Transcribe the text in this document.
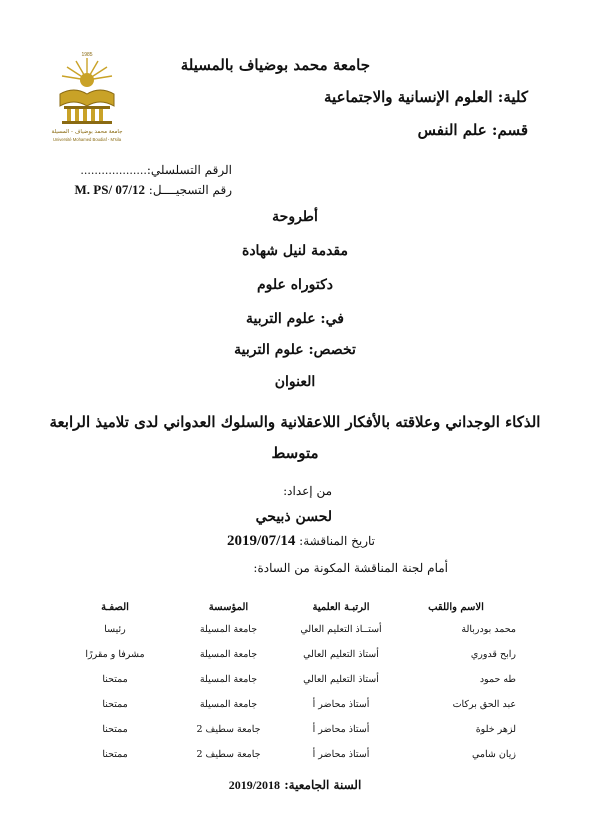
1985
جامعة محمد بوضياف - المسيلة
Université Mohamed Boudiaf - M'sila
جامعة محمد بوضياف بالمسيلة
كلية: العلوم الإنسانية والاجتماعية
قسم: علم النفس
الرقم التسلسلي:...................
رقم التسجيــــل: M. PS/ 07/12
أطروحة
مقدمة لنيل شهادة
دكتوراه علوم
في: علوم التربية
تخصص: علوم التربية
العنوان
الذكاء الوجداني وعلاقته بالأفكار اللاعقلانية والسلوك العدواني لدى تلاميذ الرابعة
متوسط
من إعداد:
لحسن ذبيحي
تاريخ المناقشة: 2019/07/14
أمام لجنة المناقشة المكونة من السادة:
الاسم واللقب	الرتبـة العلمية	المؤسسة	الصفـة
محمد بودربالة	أستــاذ التعليم العالي	جامعة المسيلة	رئيسا
رابح قدوري	أستاذ التعليم العالي	جامعة المسيلة	مشرفا و مقررًا
طه حمود	أستاذ التعليم العالي	جامعة المسيلة	ممتحنا
عبد الحق بركات	أستاذ محاضر أ	جامعة المسيلة	ممتحنا
لزهر خلوة	أستاذ محاضر أ	جامعة سطيف 2	ممتحنا
زيان شامي	أستاذ محاضر أ	جامعة سطيف 2	ممتحنا
السنة الجامعية: 2019/2018
